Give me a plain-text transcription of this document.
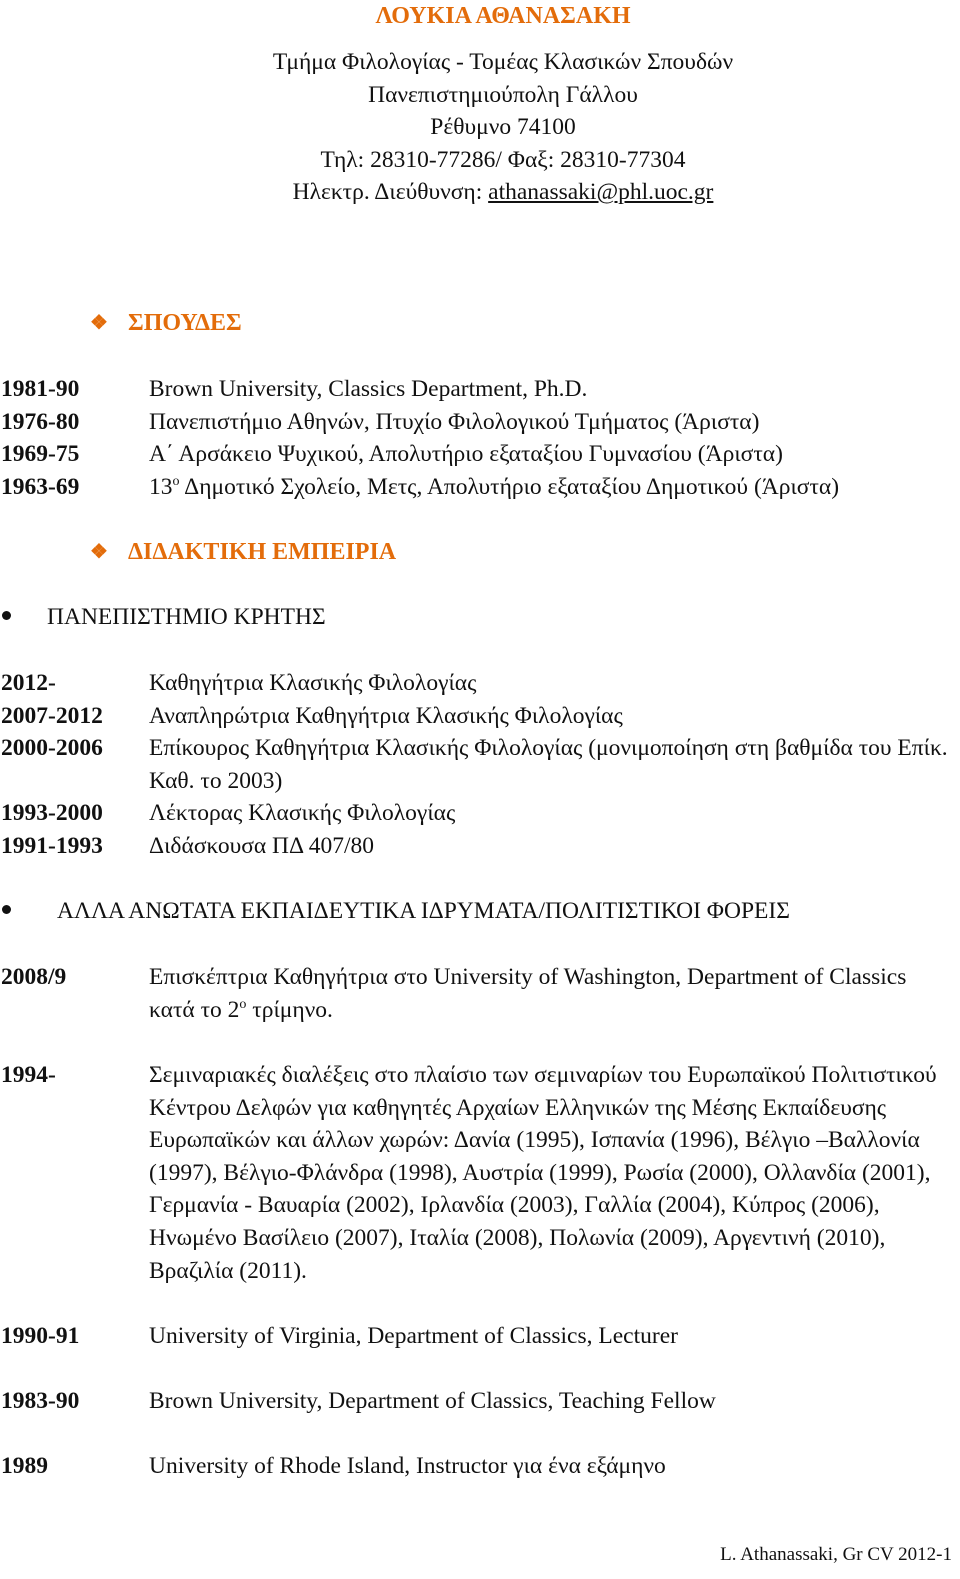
ΛΟΥΚΙΑ ΑΘΑΝΑΣΑΚΗ
Τμήμα Φιλολογίας - Τομέας Κλασικών Σπουδών
Πανεπιστημιούπολη Γάλλου
Ρέθυμνο 74100
Τηλ: 28310-77286/ Φαξ: 28310-77304
Ηλεκτρ. Διεύθυνση: athanassaki@phl.uoc.gr
❖ ΣΠΟΥΔΕΣ
1981-90	Brown University, Classics Department, Ph.D.
1976-80	Πανεπιστήμιο Αθηνών, Πτυχίο Φιλολογικού Τμήματος (Άριστα)
1969-75	Α΄ Αρσάκειο Ψυχικού, Απολυτήριο εξαταξίου Γυμνασίου (Άριστα)
1963-69	$13^o$ Δημοτικό Σχολείο, Μετς, Απολυτήριο εξαταξίου Δημοτικού (Άριστα)
❖ ΔΙΔΑΚΤΙΚΗ ΕΜΠΕΙΡΙΑ
ΠΑΝΕΠΙΣΤΗΜΙΟ ΚΡΗΤΗΣ
2012-	Καθηγήτρια Κλασικής Φιλολογίας
2007-2012	Αναπληρώτρια Καθηγήτρια Κλασικής Φιλολογίας
2000-2006	Επίκουρος Καθηγήτρια Κλασικής Φιλολογίας (μονιμοποίηση στη βαθμίδα του Επίκ. Καθ. το 2003)
1993-2000	Λέκτορας Κλασικής Φιλολογίας
1991-1993	Διδάσκουσα ΠΔ 407/80
ΑΛΛΑ ΑΝΩΤΑΤΑ ΕΚΠΑΙΔΕΥΤΙΚΑ ΙΔΡΥΜΑΤΑ/ΠΟΛΙΤΙΣΤΙΚΟΙ ΦΟΡΕΙΣ
2008/9	Επισκέπτρια Καθηγήτρια στο University of Washington, Department of Classics κατά το $2^o$ τρίμηνο.
1994-	Σεμιναριακές διαλέξεις στο πλαίσιο των σεμιναρίων του Ευρωπαϊκού Πολιτιστικού Κέντρου Δελφών για καθηγητές Αρχαίων Ελληνικών της Μέσης Εκπαίδευσης Ευρωπαϊκών και άλλων χωρών: Δανία (1995), Ισπανία (1996), Βέλγιο –Βαλλονία (1997), Βέλγιο-Φλάνδρα (1998), Αυστρία (1999), Ρωσία (2000), Ολλανδία (2001), Γερμανία - Βαυαρία (2002), Ιρλανδία (2003), Γαλλία (2004), Κύπρος (2006), Ηνωμένο Βασίλειο (2007), Ιταλία (2008), Πολωνία (2009), Αργεντινή (2010), Βραζιλία (2011).
1990-91	University of Virginia, Department of Classics, Lecturer
1983-90	Brown University, Department of Classics, Teaching Fellow
1989	University of Rhode Island, Instructor για ένα εξάμηνο
L. Athanassaki, Gr CV 2012-1
